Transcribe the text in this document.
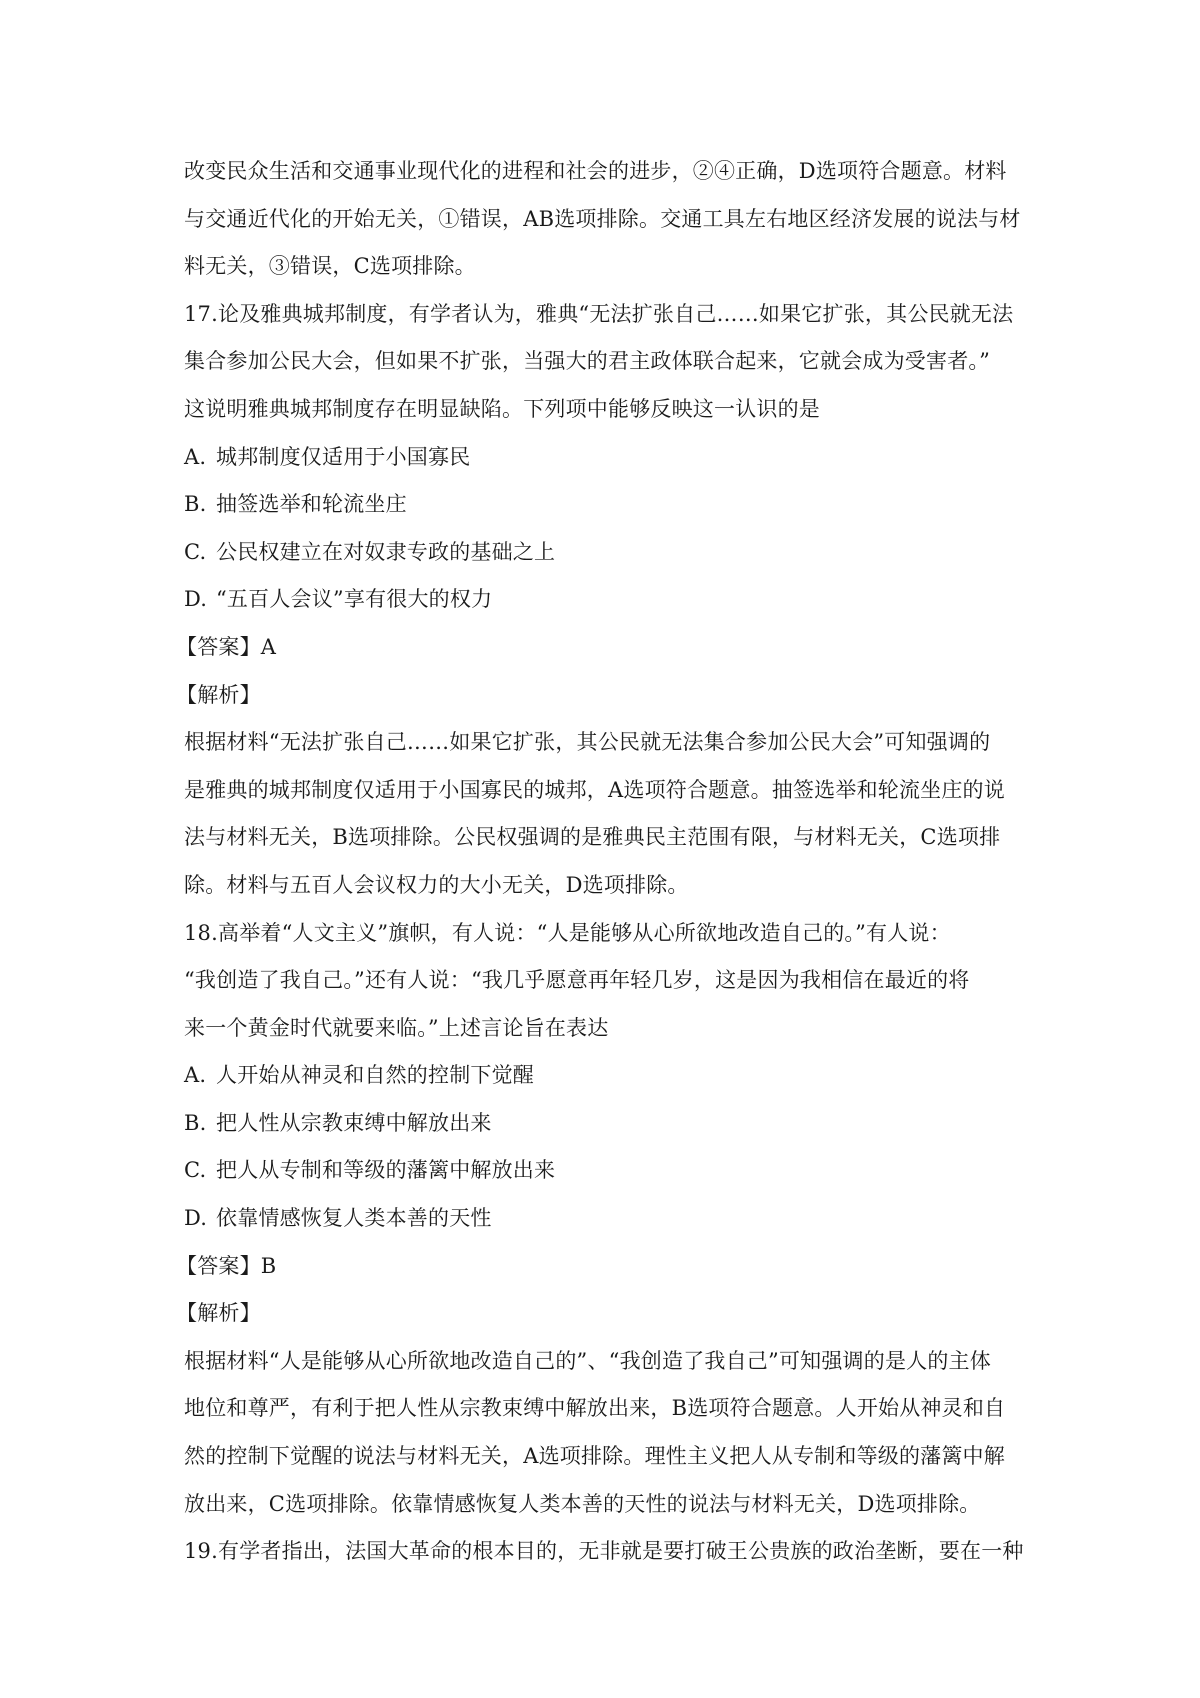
改变民众生活和交通事业现代化的进程和社会的进步，②④正确，D选项符合题意。材料
与交通近代化的开始无关，①错误，AB选项排除。交通工具左右地区经济发展的说法与材
料无关，③错误，C选项排除。
17.论及雅典城邦制度，有学者认为，雅典“无法扩张自己……如果它扩张，其公民就无法
集合参加公民大会，但如果不扩张，当强大的君主政体联合起来，它就会成为受害者。”
这说明雅典城邦制度存在明显缺陷。下列项中能够反映这一认识的是
A. 城邦制度仅适用于小国寡民
B. 抽签选举和轮流坐庄
C. 公民权建立在对奴隶专政的基础之上
D. “五百人会议”享有很大的权力
【答案】A
【解析】
根据材料“无法扩张自己……如果它扩张，其公民就无法集合参加公民大会”可知强调的
是雅典的城邦制度仅适用于小国寡民的城邦，A选项符合题意。抽签选举和轮流坐庄的说
法与材料无关，B选项排除。公民权强调的是雅典民主范围有限，与材料无关，C选项排
除。材料与五百人会议权力的大小无关，D选项排除。
18.高举着“人文主义”旗帜，有人说：“人是能够从心所欲地改造自己的。”有人说：
“我创造了我自己。”还有人说：“我几乎愿意再年轻几岁，这是因为我相信在最近的将
来一个黄金时代就要来临。”上述言论旨在表达
A. 人开始从神灵和自然的控制下觉醒
B. 把人性从宗教束缚中解放出来
C. 把人从专制和等级的藩篱中解放出来
D. 依靠情感恢复人类本善的天性
【答案】B
【解析】
根据材料“人是能够从心所欲地改造自己的”、“我创造了我自己”可知强调的是人的主体
地位和尊严，有利于把人性从宗教束缚中解放出来，B选项符合题意。人开始从神灵和自
然的控制下觉醒的说法与材料无关，A选项排除。理性主义把人从专制和等级的藩篱中解
放出来，C选项排除。依靠情感恢复人类本善的天性的说法与材料无关，D选项排除。
19.有学者指出，法国大革命的根本目的，无非就是要打破王公贵族的政治垄断，要在一种
